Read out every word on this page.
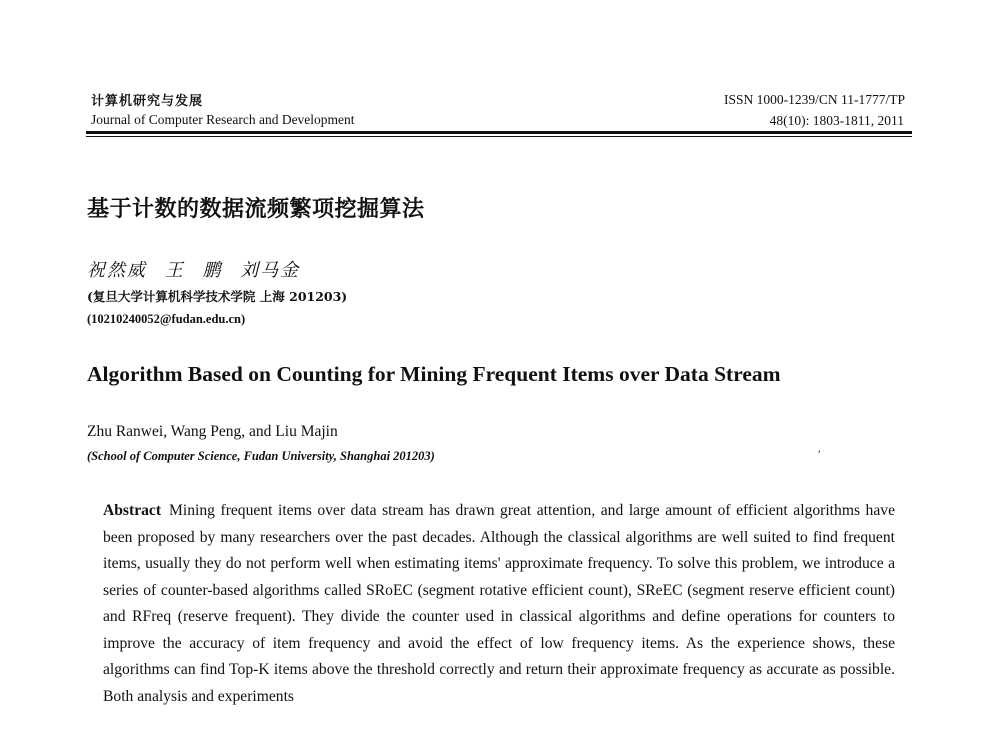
计算机研究与发展
Journal of Computer Research and Development
ISSN 1000-1239/CN 11-1777/TP
48(10): 1803-1811, 2011
基于计数的数据流频繁项挖掘算法
祝然威 王 鹏 刘马金
(复旦大学计算机科学技术学院 上海 201203)
(10210240052@fudan.edu.cn)
Algorithm Based on Counting for Mining Frequent Items over Data Stream
Zhu Ranwei, Wang Peng, and Liu Majin
(School of Computer Science, Fudan University, Shanghai 201203)	′
Abstract Mining frequent items over data stream has drawn great attention, and large amount of efficient algorithms have been proposed by many researchers over the past decades. Although the classical algorithms are well suited to find frequent items, usually they do not perform well when estimating items' approximate frequency. To solve this problem, we introduce a series of counter-based algorithms called SRoEC (segment rotative efficient count), SReEC (segment reserve efficient count) and RFreq (reserve frequent). They divide the counter used in classical algorithms and define operations for counters to improve the accuracy of item frequency and avoid the effect of low frequency items. As the experience shows, these algorithms can find Top-K items above the threshold correctly and return their approximate frequency as accurate as possible. Both analysis and experiments
